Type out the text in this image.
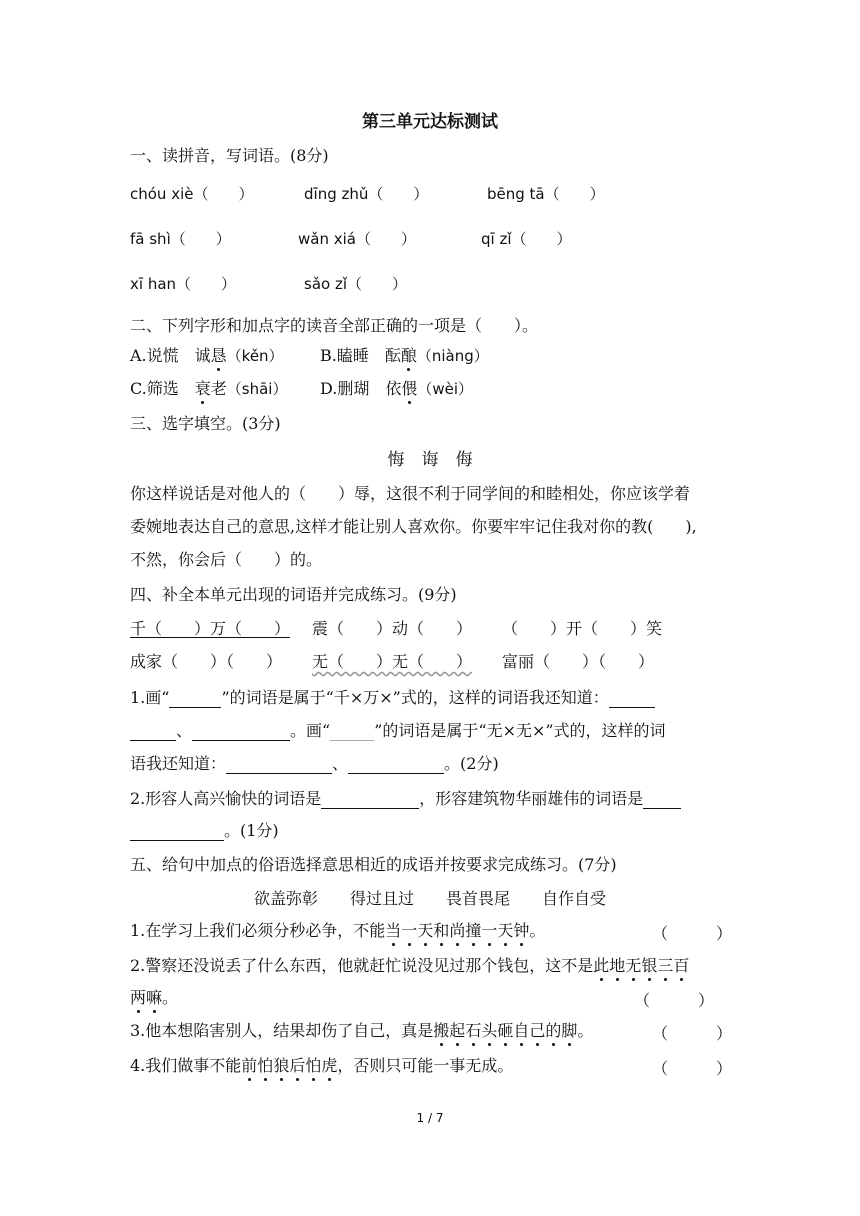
第三单元达标测试
一、读拼音，写词语。(8分)
chóu xiè（　　）	dīng zhǔ（　　）	bēng tā（　　）
fā shì（　　）	wǎn xiá（　　）	qī zǐ（　　）
xī han（　　）	sǎo zǐ（　　）
二、下列字形和加点字的读音全部正确的一项是（　　）。
A.说慌　诚恳（kěn） B.瞌睡　酝酿（niàng）
C.筛选　衰老（shāi） D.删瑚　依偎（wèi）
三、选字填空。(3分)
悔　诲　侮
你这样说话是对他人的（　　）辱，这很不利于同学间的和睦相处，你应该学着
委婉地表达自己的意思,这样才能让别人喜欢你。你要牢牢记住我对你的教(　　),
不然，你会后（　　）的。
四、补全本单元出现的词语并完成练习。(9分)
千（　　）万（　　） 震（　　）动（　　） （　　）开（　　）笑
成家（　　）（　　） 无（　　）无（　　） 富丽（　　）（　　）
1.画“	”的词语是属于“千×万×”式的，这样的词语我还知道：
、	。画“	”的词语是属于“无×无×”式的，这样的词
语我还知道：	、	。(2分)
2.形容人高兴愉快的词语是	，形容建筑物华丽雄伟的词语是
。(1分)
五、给句中加点的俗语选择意思相近的成语并按要求完成练习。(7分)
欲盖弥彰　　得过且过　　畏首畏尾　　自作自受
1.在学习上我们必须分秒必争，不能当一天和尚撞一天钟。	（　　　）
2.警察还没说丢了什么东西，他就赶忙说没见过那个钱包，这不是此地无银三百
两嘛。	（　　　）
3.他本想陷害别人，结果却伤了自己，真是搬起石头砸自己的脚。	（　　　）
4.我们做事不能前怕狼后怕虎，否则只可能一事无成。	（　　　）
1 / 7
